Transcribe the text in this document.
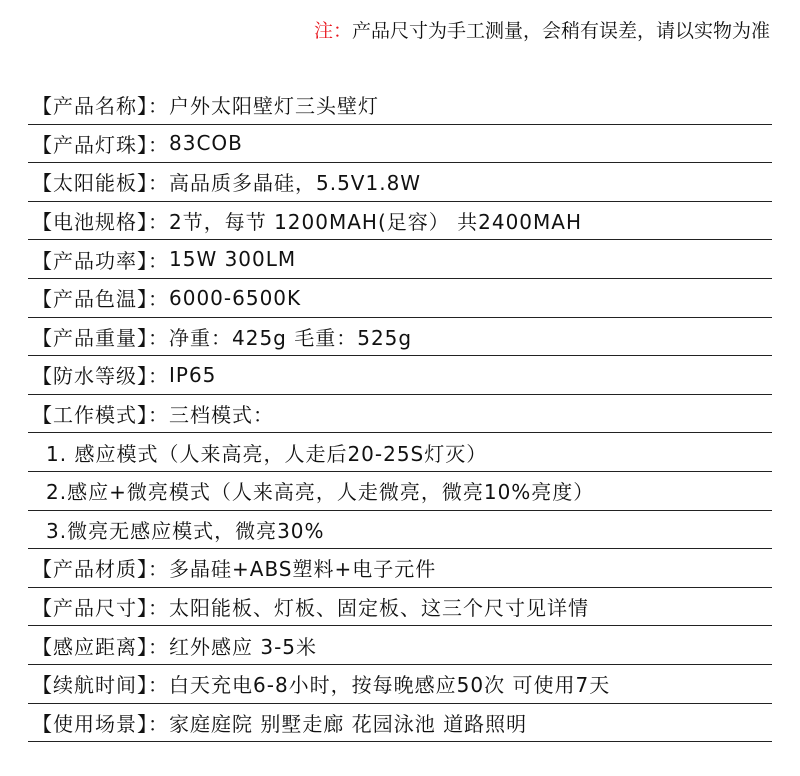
注：产品尺寸为手工测量，会稍有误差，请以实物为准
【产品名称】： 户外太阳壁灯三头壁灯
【产品灯珠】： 83COB
【太阳能板】： 高品质多晶硅，5.5V1.8W
【电池规格】： 2节，每节 1200MAH(足容） 共2400MAH
【产品功率】： 15W 300LM
【产品色温】： 6000-6500K
【产品重量】： 净重：425g 毛重：525g
【防水等级】： IP65
【工作模式】： 三档模式：
1. 感应模式（人来高亮，人走后20-25S灯灭）
2.感应+微亮模式（人来高亮，人走微亮，微亮10%亮度）
3.微亮无感应模式，微亮30%
【产品材质】： 多晶硅+ABS塑料+电子元件
【产品尺寸】： 太阳能板、灯板、固定板、这三个尺寸见详情
【感应距离】： 红外感应 3-5米
【续航时间】： 白天充电6-8小时，按每晚感应50次 可使用7天
【使用场景】： 家庭庭院 别墅走廊 花园泳池 道路照明
